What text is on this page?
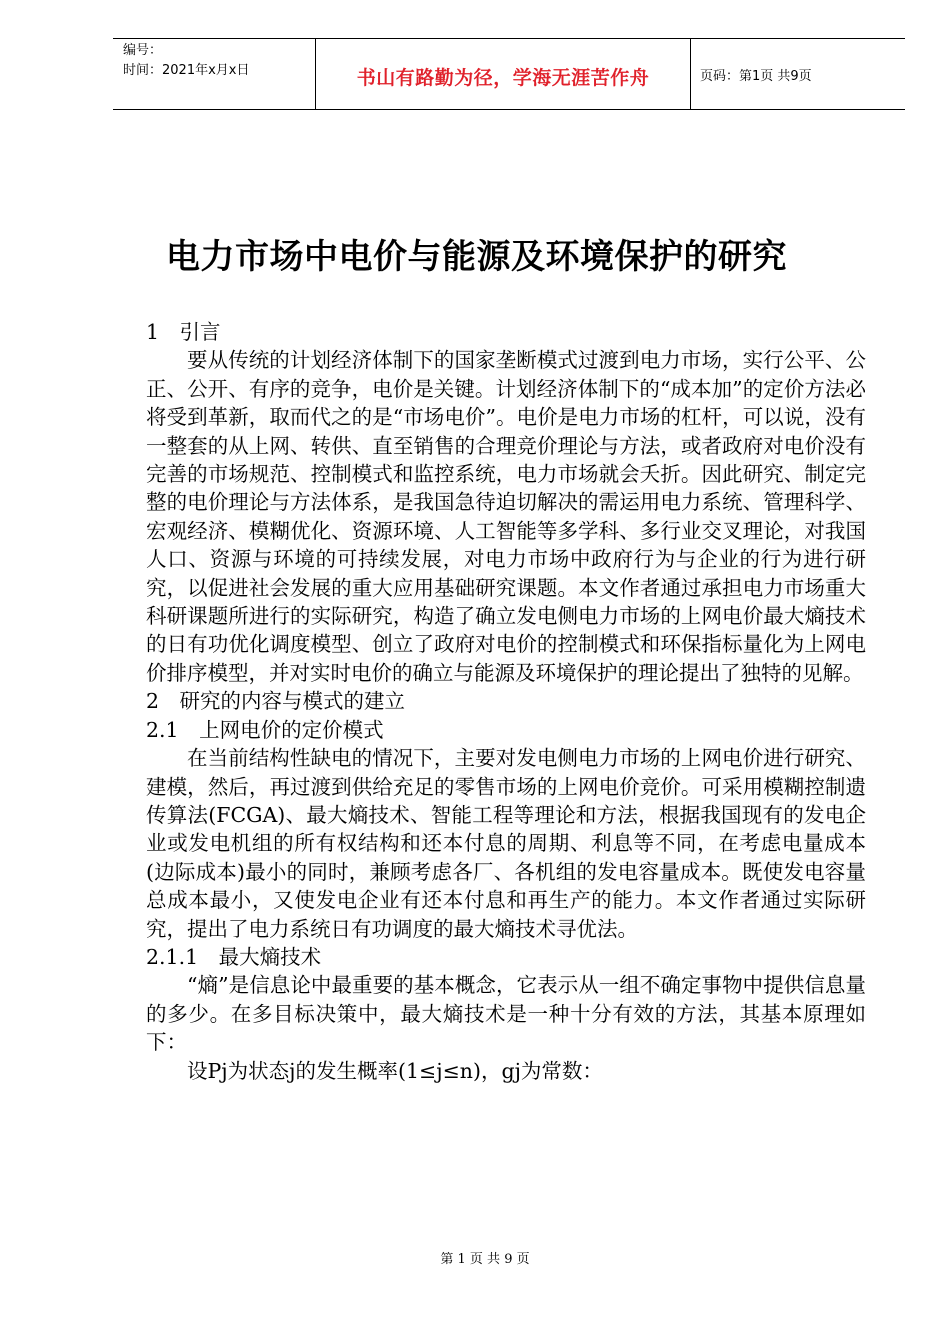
编号：
时间：2021年x月x日	书山有路勤为径，学海无涯苦作舟	页码：第1页 共9页
电力市场中电价与能源及环境保护的研究

1　引言

要从传统的计划经济体制下的国家垄断模式过渡到电力市场，实行公平、公正、公开、有序的竞争，电价是关键。计划经济体制下的“成本加”的定价方法必将受到革新，取而代之的是“市场电价”。电价是电力市场的杠杆，可以说，没有一整套的从上网、转供、直至销售的合理竞价理论与方法，或者政府对电价没有完善的市场规范、控制模式和监控系统，电力市场就会夭折。因此研究、制定完整的电价理论与方法体系，是我国急待迫切解决的需运用电力系统、管理科学、宏观经济、模糊优化、资源环境、人工智能等多学科、多行业交叉理论，对我国人口、资源与环境的可持续发展，对电力市场中政府行为与企业的行为进行研究，以促进社会发展的重大应用基础研究课题。本文作者通过承担电力市场重大科研课题所进行的实际研究，构造了确立发电侧电力市场的上网电价最大熵技术的日有功优化调度模型、创立了政府对电价的控制模式和环保指标量化为上网电价排序模型，并对实时电价的确立与能源及环境保护的理论提出了独特的见解。

2　研究的内容与模式的建立

2.1　上网电价的定价模式

在当前结构性缺电的情况下，主要对发电侧电力市场的上网电价进行研究、建模，然后，再过渡到供给充足的零售市场的上网电价竞价。可采用模糊控制遗传算法(FCGA)、最大熵技术、智能工程等理论和方法，根据我国现有的发电企业或发电机组的所有权结构和还本付息的周期、利息等不同，在考虑电量成本(边际成本)最小的同时，兼顾考虑各厂、各机组的发电容量成本。既使发电容量总成本最小，又使发电企业有还本付息和再生产的能力。本文作者通过实际研究，提出了电力系统日有功调度的最大熵技术寻优法。

2.1.1　最大熵技术

“熵”是信息论中最重要的基本概念，它表示从一组不确定事物中提供信息量的多少。在多目标决策中，最大熵技术是一种十分有效的方法，其基本原理如下：

设Pj为状态j的发生概率(1≤j≤n)，gj为常数：

第 1 页 共 9 页
